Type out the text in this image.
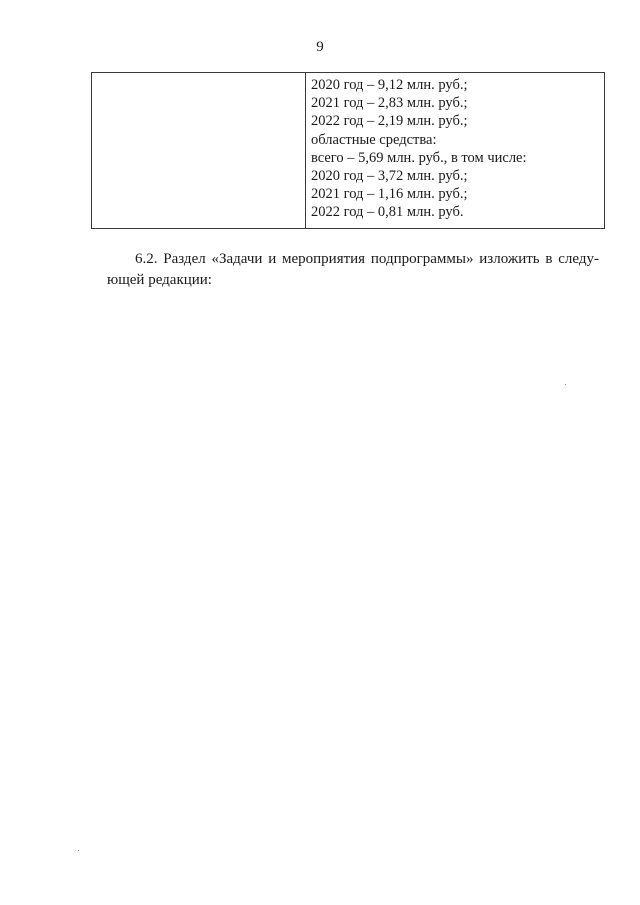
9
2020 год – 9,12 млн. руб.;
2021 год – 2,83 млн. руб.;
2022 год – 2,19 млн. руб.;
областные средства:
всего – 5,69 млн. руб., в том числе:
2020 год – 3,72 млн. руб.;
2021 год – 1,16 млн. руб.;
2022 год – 0,81 млн. руб.
6.2. Раздел «Задачи и мероприятия подпрограммы» изложить в следу-
ющей редакции:
